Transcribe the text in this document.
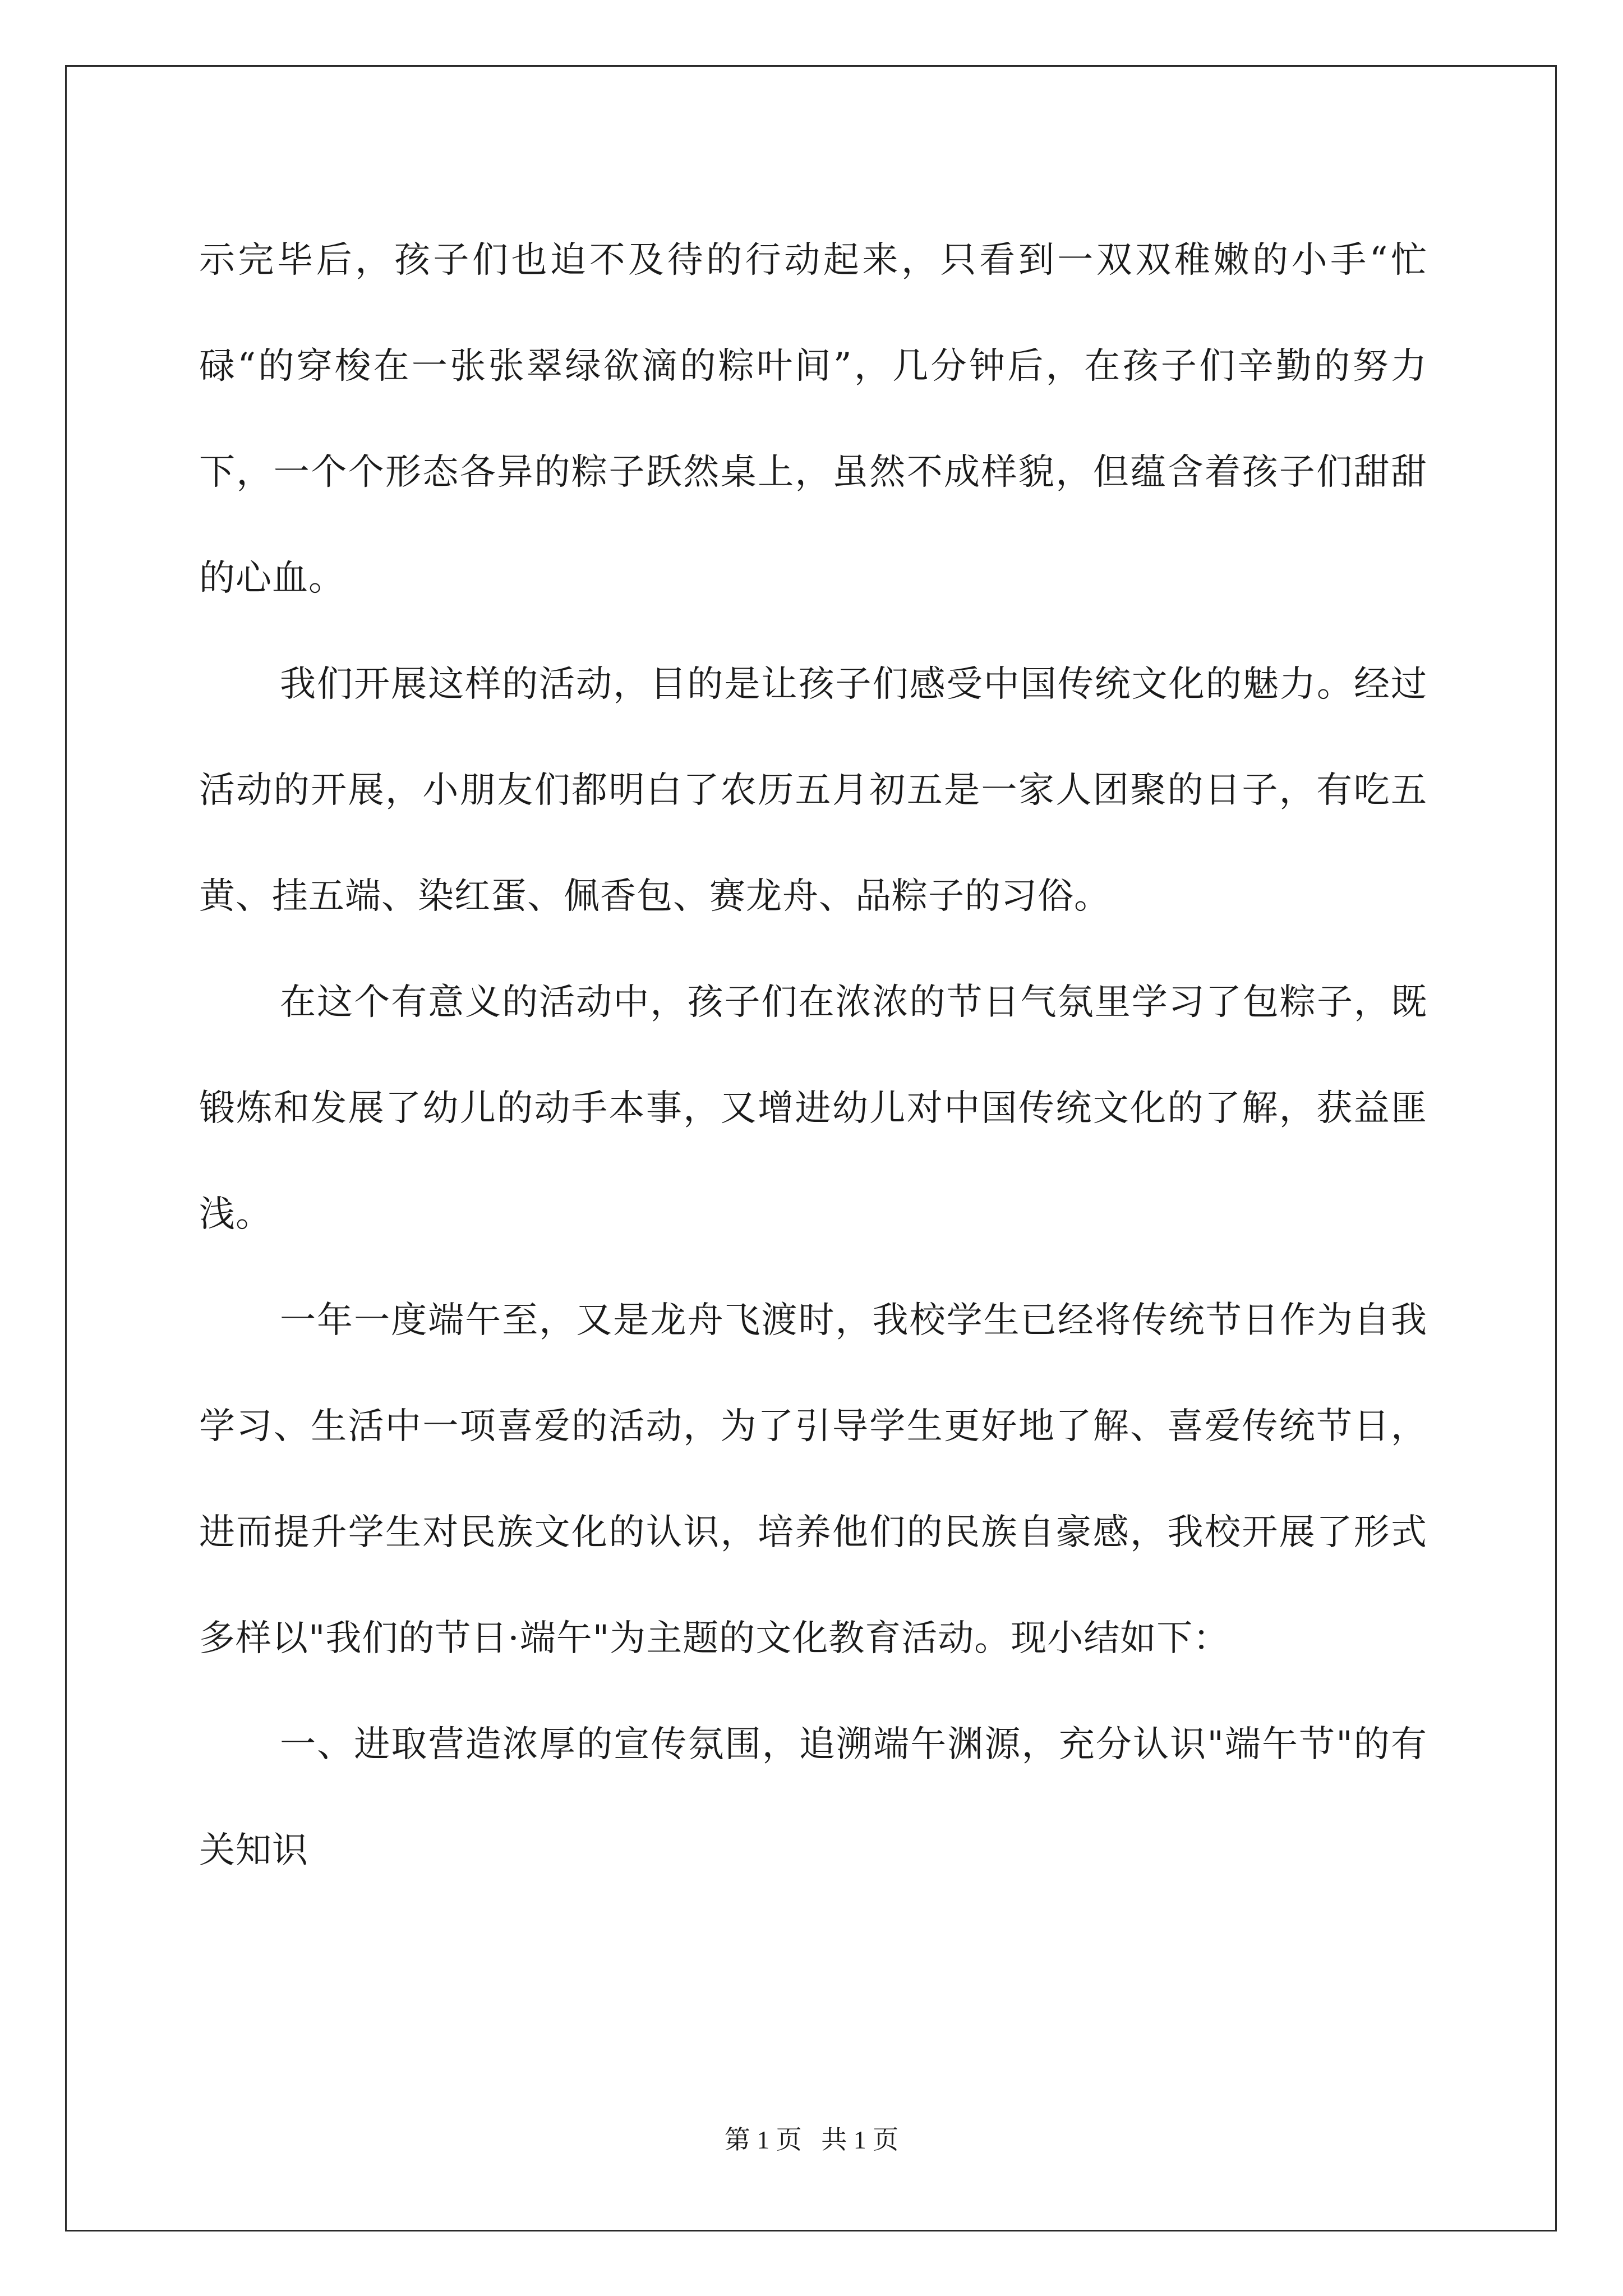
示完毕后，孩子们也迫不及待的行动起来，只看到一双双稚嫩的小手“忙碌“的穿梭在一张张翠绿欲滴的粽叶间”，几分钟后，在孩子们辛勤的努力下，一个个形态各异的粽子跃然桌上，虽然不成样貌，但蕴含着孩子们甜甜的心血。

我们开展这样的活动，目的是让孩子们感受中国传统文化的魅力。经过活动的开展，小朋友们都明白了农历五月初五是一家人团聚的日子，有吃五黄、挂五端、染红蛋、佩香包、赛龙舟、品粽子的习俗。

在这个有意义的活动中，孩子们在浓浓的节日气氛里学习了包粽子，既锻炼和发展了幼儿的动手本事，又增进幼儿对中国传统文化的了解，获益匪浅。

一年一度端午至，又是龙舟飞渡时，我校学生已经将传统节日作为自我学习、生活中一项喜爱的活动，为了引导学生更好地了解、喜爱传统节日，进而提升学生对民族文化的认识，培养他们的民族自豪感，我校开展了形式多样以"我们的节日·端午"为主题的文化教育活动。现小结如下：

一、进取营造浓厚的宣传氛围，追溯端午渊源，充分认识"端午节"的有关知识

第 1 页   共 1 页
